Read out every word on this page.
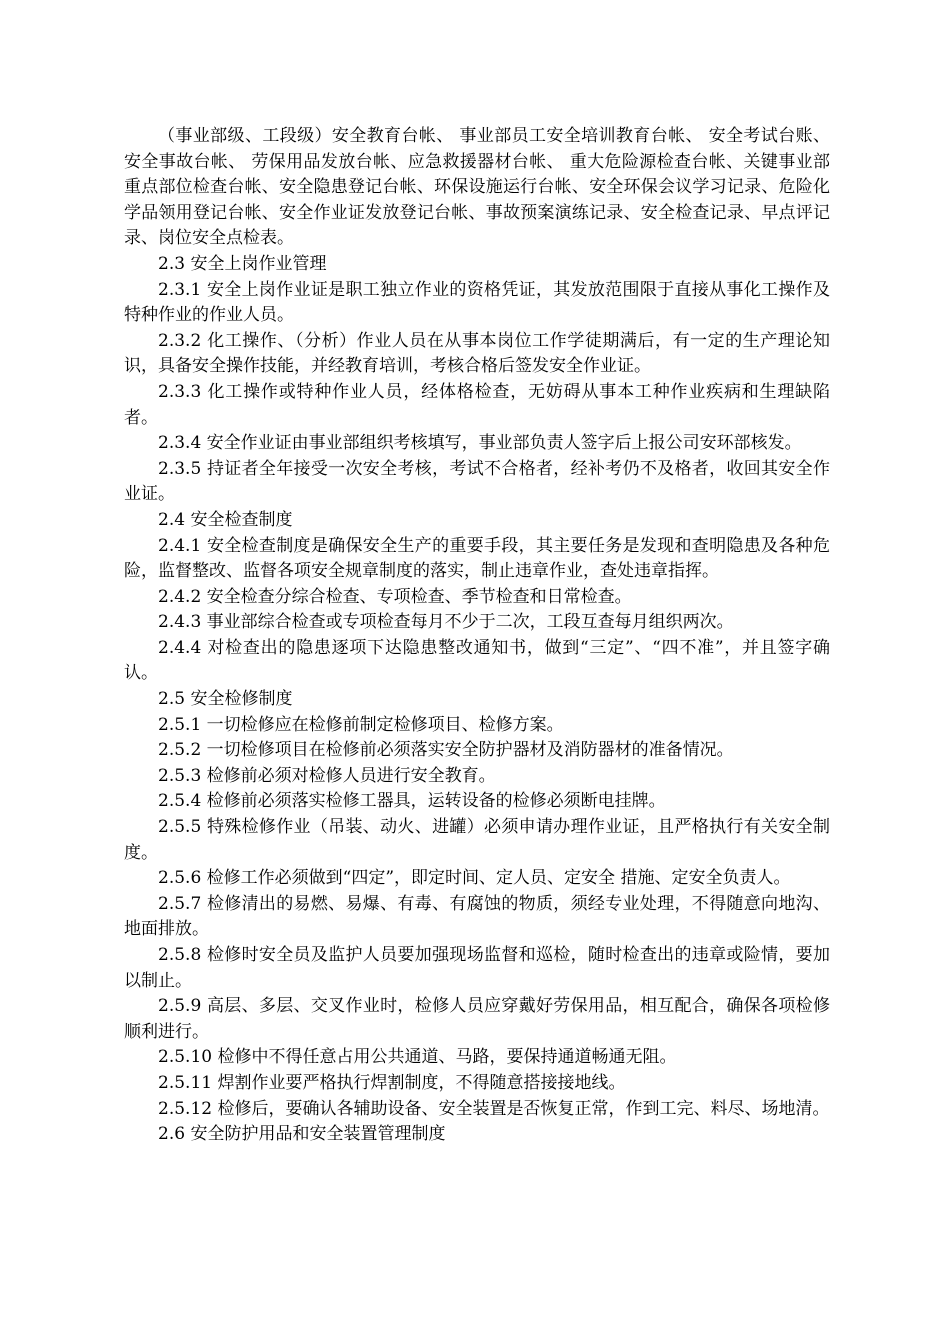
（事业部级、工段级）安全教育台帐、 事业部员工安全培训教育台帐、 安全考试台账、 安全事故台帐、 劳保用品发放台帐、应急救援器材台帐、 重大危险源检查台帐、关键事业部重点部位检查台帐、安全隐患登记台帐、环保设施运行台帐、安全环保会议学习记录、危险化学品领用登记台帐、安全作业证发放登记台帐、事故预案演练记录、安全检查记录、早点评记录、岗位安全点检表。

2.3 安全上岗作业管理

2.3.1 安全上岗作业证是职工独立作业的资格凭证，其发放范围限于直接从事化工操作及特种作业的作业人员。

2.3.2 化工操作、（分析）作业人员在从事本岗位工作学徒期满后，有一定的生产理论知识，具备安全操作技能，并经教育培训，考核合格后签发安全作业证。

2.3.3 化工操作或特种作业人员，经体格检查，无妨碍从事本工种作业疾病和生理缺陷者。

2.3.4 安全作业证由事业部组织考核填写，事业部负责人签字后上报公司安环部核发。

2.3.5 持证者全年接受一次安全考核，考试不合格者，经补考仍不及格者，收回其安全作业证。

2.4 安全检查制度

2.4.1 安全检查制度是确保安全生产的重要手段，其主要任务是发现和查明隐患及各种危险，监督整改、监督各项安全规章制度的落实，制止违章作业，查处违章指挥。

2.4.2 安全检查分综合检查、专项检查、季节检查和日常检查。

2.4.3 事业部综合检查或专项检查每月不少于二次，工段互查每月组织两次。

2.4.4 对检查出的隐患逐项下达隐患整改通知书，做到“三定”、“四不准”，并且签字确认。

2.5 安全检修制度

2.5.1 一切检修应在检修前制定检修项目、检修方案。

2.5.2 一切检修项目在检修前必须落实安全防护器材及消防器材的准备情况。

2.5.3 检修前必须对检修人员进行安全教育。

2.5.4 检修前必须落实检修工器具，运转设备的检修必须断电挂牌。

2.5.5 特殊检修作业（吊装、动火、进罐）必须申请办理作业证，且严格执行有关安全制度。

2.5.6 检修工作必须做到“四定”，即定时间、定人员、定安全 措施、定安全负责人。

2.5.7 检修清出的易燃、易爆、有毒、有腐蚀的物质，须经专业处理，不得随意向地沟、地面排放。

2.5.8 检修时安全员及监护人员要加强现场监督和巡检，随时检查出的违章或险情，要加以制止。

2.5.9 高层、多层、交叉作业时，检修人员应穿戴好劳保用品，相互配合，确保各项检修顺利进行。

2.5.10 检修中不得任意占用公共通道、马路，要保持通道畅通无阻。

2.5.11 焊割作业要严格执行焊割制度，不得随意搭接接地线。

2.5.12 检修后，要确认各辅助设备、安全装置是否恢复正常，作到工完、料尽、场地清。

2.6 安全防护用品和安全装置管理制度
